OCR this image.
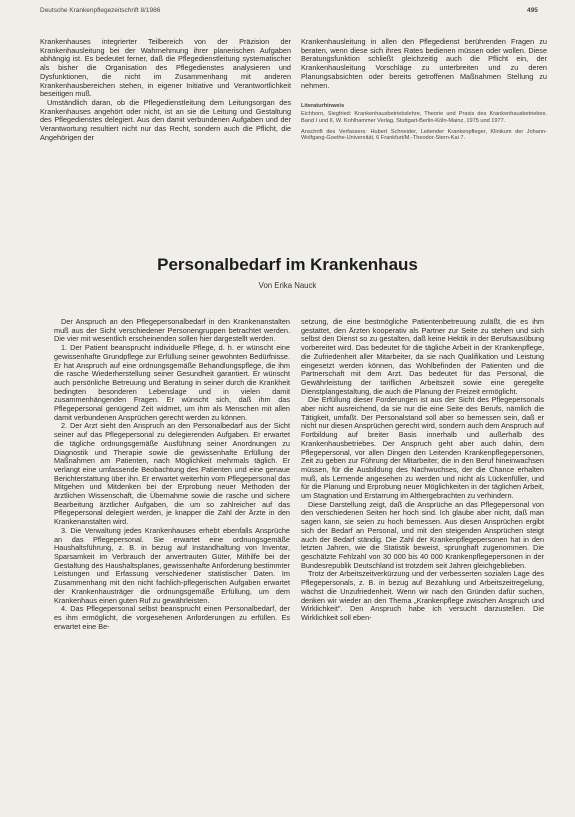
Deutsche Krankenpflegezeitschrift 8/1986	495

Krankenhauses integrierter Teilbereich von der Präzision der Krankenhausleitung bei der Wahrnehmung ihrer planerischen Aufgaben abhängig ist. Es bedeutet ferner, daß die Pflegedienstleitung systematischer als bisher die Organisation des Pflegedienstes analysieren und Dysfunktionen, die nicht im Zusammenhang mit anderen Krankenhausbereichen stehen, in eigener Initiative und Verantwortlichkeit beseitigen muß.

Umständlich daran, ob die Pflegedienstleitung dem Leitungsorgan des Krankenhauses angehört oder nicht, ist an sie die Leitung und Gestaltung des Pflegedienstes delegiert. Aus den damit verbundenen Aufgaben und der Verantwortung resultiert nicht nur das Recht, sondern auch die Pflicht, die Angehörigen der

Krankenhausleitung in allen den Pflegedienst berührenden Fragen zu beraten, wenn diese sich ihres Rates bedienen müssen oder wollen. Diese Beratungsfunktion schließt gleichzeitig auch die Pflicht ein, der Krankenhausleitung Vorschläge zu unterbreiten und zu deren Planungsabsichten oder bereits getroffenen Maßnahmen Stellung zu nehmen.

Literaturhinweis

Eichhorn, Siegfried: Krankenhausbetriebslehre, Theorie und Praxis des Krankenhausbetriebes. Band I und II, W. Kohlhammer Verlag, Stuttgart-Berlin-Köln-Mainz, 1975 und 1977.

Anschrift des Verfassers: Hubert Schneider, Leitender Krankenpfleger, Klinikum der Johann-Wolfgang-Goethe-Universität, 6 Frankfurt/M.-Theodor-Stern-Kai 7.

Personalbedarf im Krankenhaus
Von Erika Nauck

Der Anspruch an den Pflegepersonalbedarf in den Krankenanstalten muß aus der Sicht verschiedener Personengruppen betrachtet werden. Die vier mit wesentlich erscheinenden sollen hier dargestellt werden.

1. Der Patient beansprucht individuelle Pflege, d. h. er wünscht eine gewissenhafte Grundpflege zur Erfüllung seiner gewohnten Bedürfnisse. Er hat Anspruch auf eine ordnungsgemäße Behandlungspflege, die ihm die rasche Wiederherstellung seiner Gesundheit garantiert. Er wünscht auch persönliche Betreuung und Beratung in seiner durch die Krankheit bedingten besonderen Lebenslage und in vielen damit zusammenhängenden Fragen. Er wünscht sich, daß ihm das Pflegepersonal genügend Zeit widmet, um ihm als Menschen mit allen damit verbundenen Ansprüchen gerecht werden zu können.

2. Der Arzt sieht den Anspruch an den Personalbedarf aus der Sicht seiner auf das Pflegepersonal zu delegierenden Aufgaben. Er erwartet die tägliche ordnungsgemäße Ausführung seiner Anordnungen zu Diagnostik und Therapie sowie die gewissenhafte Erfüllung der Maßnahmen am Patienten, nach Möglichkeit mehrmals täglich. Er verlangt eine umfassende Beobachtung des Patienten und eine genaue Berichterstattung über ihn. Er erwartet weiterhin vom Pflegepersonal das Mitgehen und Mitdenken bei der Erprobung neuer Methoden der ärztlichen Wissenschaft, die Übernahme sowie die rasche und sichere Bearbeitung ärztlicher Aufgaben, die um so zahlreicher auf das Pflegepersonal delegiert werden, je knapper die Zahl der Ärzte in den Krankenanstalten wird.

3. Die Verwaltung jedes Krankenhauses erhebt ebenfalls Ansprüche an das Pflegepersonal. Sie erwartet eine ordnungsgemäße Haushaltsführung, z. B. in bezug auf Instandhaltung von Inventar, Sparsamkeit im Verbrauch der anvertrauten Güter, Mithilfe bei der Gestaltung des Haushaltsplanes, gewissenhafte Anforderung bestimmter Leistungen und Erfassung verschiedener statistischer Daten. Im Zusammenhang mit den nicht fachlich-pflegerischen Aufgaben erwartet der Krankenhausträger die ordnungsgemäße Erfüllung, um dem Krankenhaus einen guten Ruf zu gewährleisten.

4. Das Pflegepersonal selbst beansprucht einen Personalbedarf, der es ihm ermöglicht, die vorgesehenen Anforderungen zu erfüllen. Es erwartet eine Be-

setzung, die eine bestmögliche Patientenbetreuung zuläßt, die es ihm gestattet, den Ärzten kooperativ als Partner zur Seite zu stehen und sich selbst den Dienst so zu gestalten, daß keine Hektik in der Berufsausübung vorbereitet wird. Das bedeutet für die tägliche Arbeit in der Krankenpflege, die Zufriedenheit aller Mitarbeiter, da sie nach Qualifikation und Leistung eingesetzt werden können, das Wohlbefinden der Patienten und die Partnerschaft mit dem Arzt. Das bedeutet für das Personal, die Gewährleistung der tariflichen Arbeitszeit sowie eine geregelte Dienstplangestaltung, die auch die Planung der Freizeit ermöglicht.

Die Erfüllung dieser Forderungen ist aus der Sicht des Pflegepersonals aber nicht ausreichend, da sie nur die eine Seite des Berufs, nämlich die Tätigkeit, umfaßt. Der Personalstand soll aber so bemessen sein, daß er nicht nur diesen Ansprüchen gerecht wird, sondern auch dem Anspruch auf Fortbildung auf breiter Basis innerhalb und außerhalb des Krankenhausbetriebes. Der Anspruch geht aber auch dahin, dem Pflegepersonal, vor allen Dingen den Leitenden Krankenpflegepersonen, Zeit zu geben zur Führung der Mitarbeiter, die in den Beruf hineinwachsen müssen, für die Ausbildung des Nachwuchses, der die Chance erhalten muß, als Lernende angesehen zu werden und nicht als Lückenfüller, und für die Planung und Erprobung neuer Möglichkeiten in der täglichen Arbeit, um Stagnation und Erstarrung im Althergebrachten zu verhindern.

Diese Darstellung zeigt, daß die Ansprüche an das Pflegepersonal von den verschiedenen Seiten her hoch sind. Ich glaube aber nicht, daß man sagen kann, sie seien zu hoch bemessen. Aus diesen Ansprüchen ergibt sich der Bedarf an Personal, und mit den steigenden Ansprüchen steigt auch der Bedarf ständig. Die Zahl der Krankenpflegepersonen hat in den letzten Jahren, wie die Statistik beweist, sprunghaft zugenommen. Die geschätzte Fehlzahl von 30 000 bis 40 000 Krankenpflegepersonen in der Bundesrepublik Deutschland ist trotzdem seit Jahren gleichgeblieben.

Trotz der Arbeitszeitverkürzung und der verbesserten sozialen Lage des Pflegepersonals, z. B. in bezug auf Bezahlung und Arbeitszeitregelung, wächst die Unzufriedenheit. Wenn wir nach den Gründen dafür suchen, denken wir wieder an den Thema „Krankenpflege zwischen Anspruch und Wirklichkeit". Den Anspruch habe ich versucht darzustellen. Die Wirklichkeit soll eben-
